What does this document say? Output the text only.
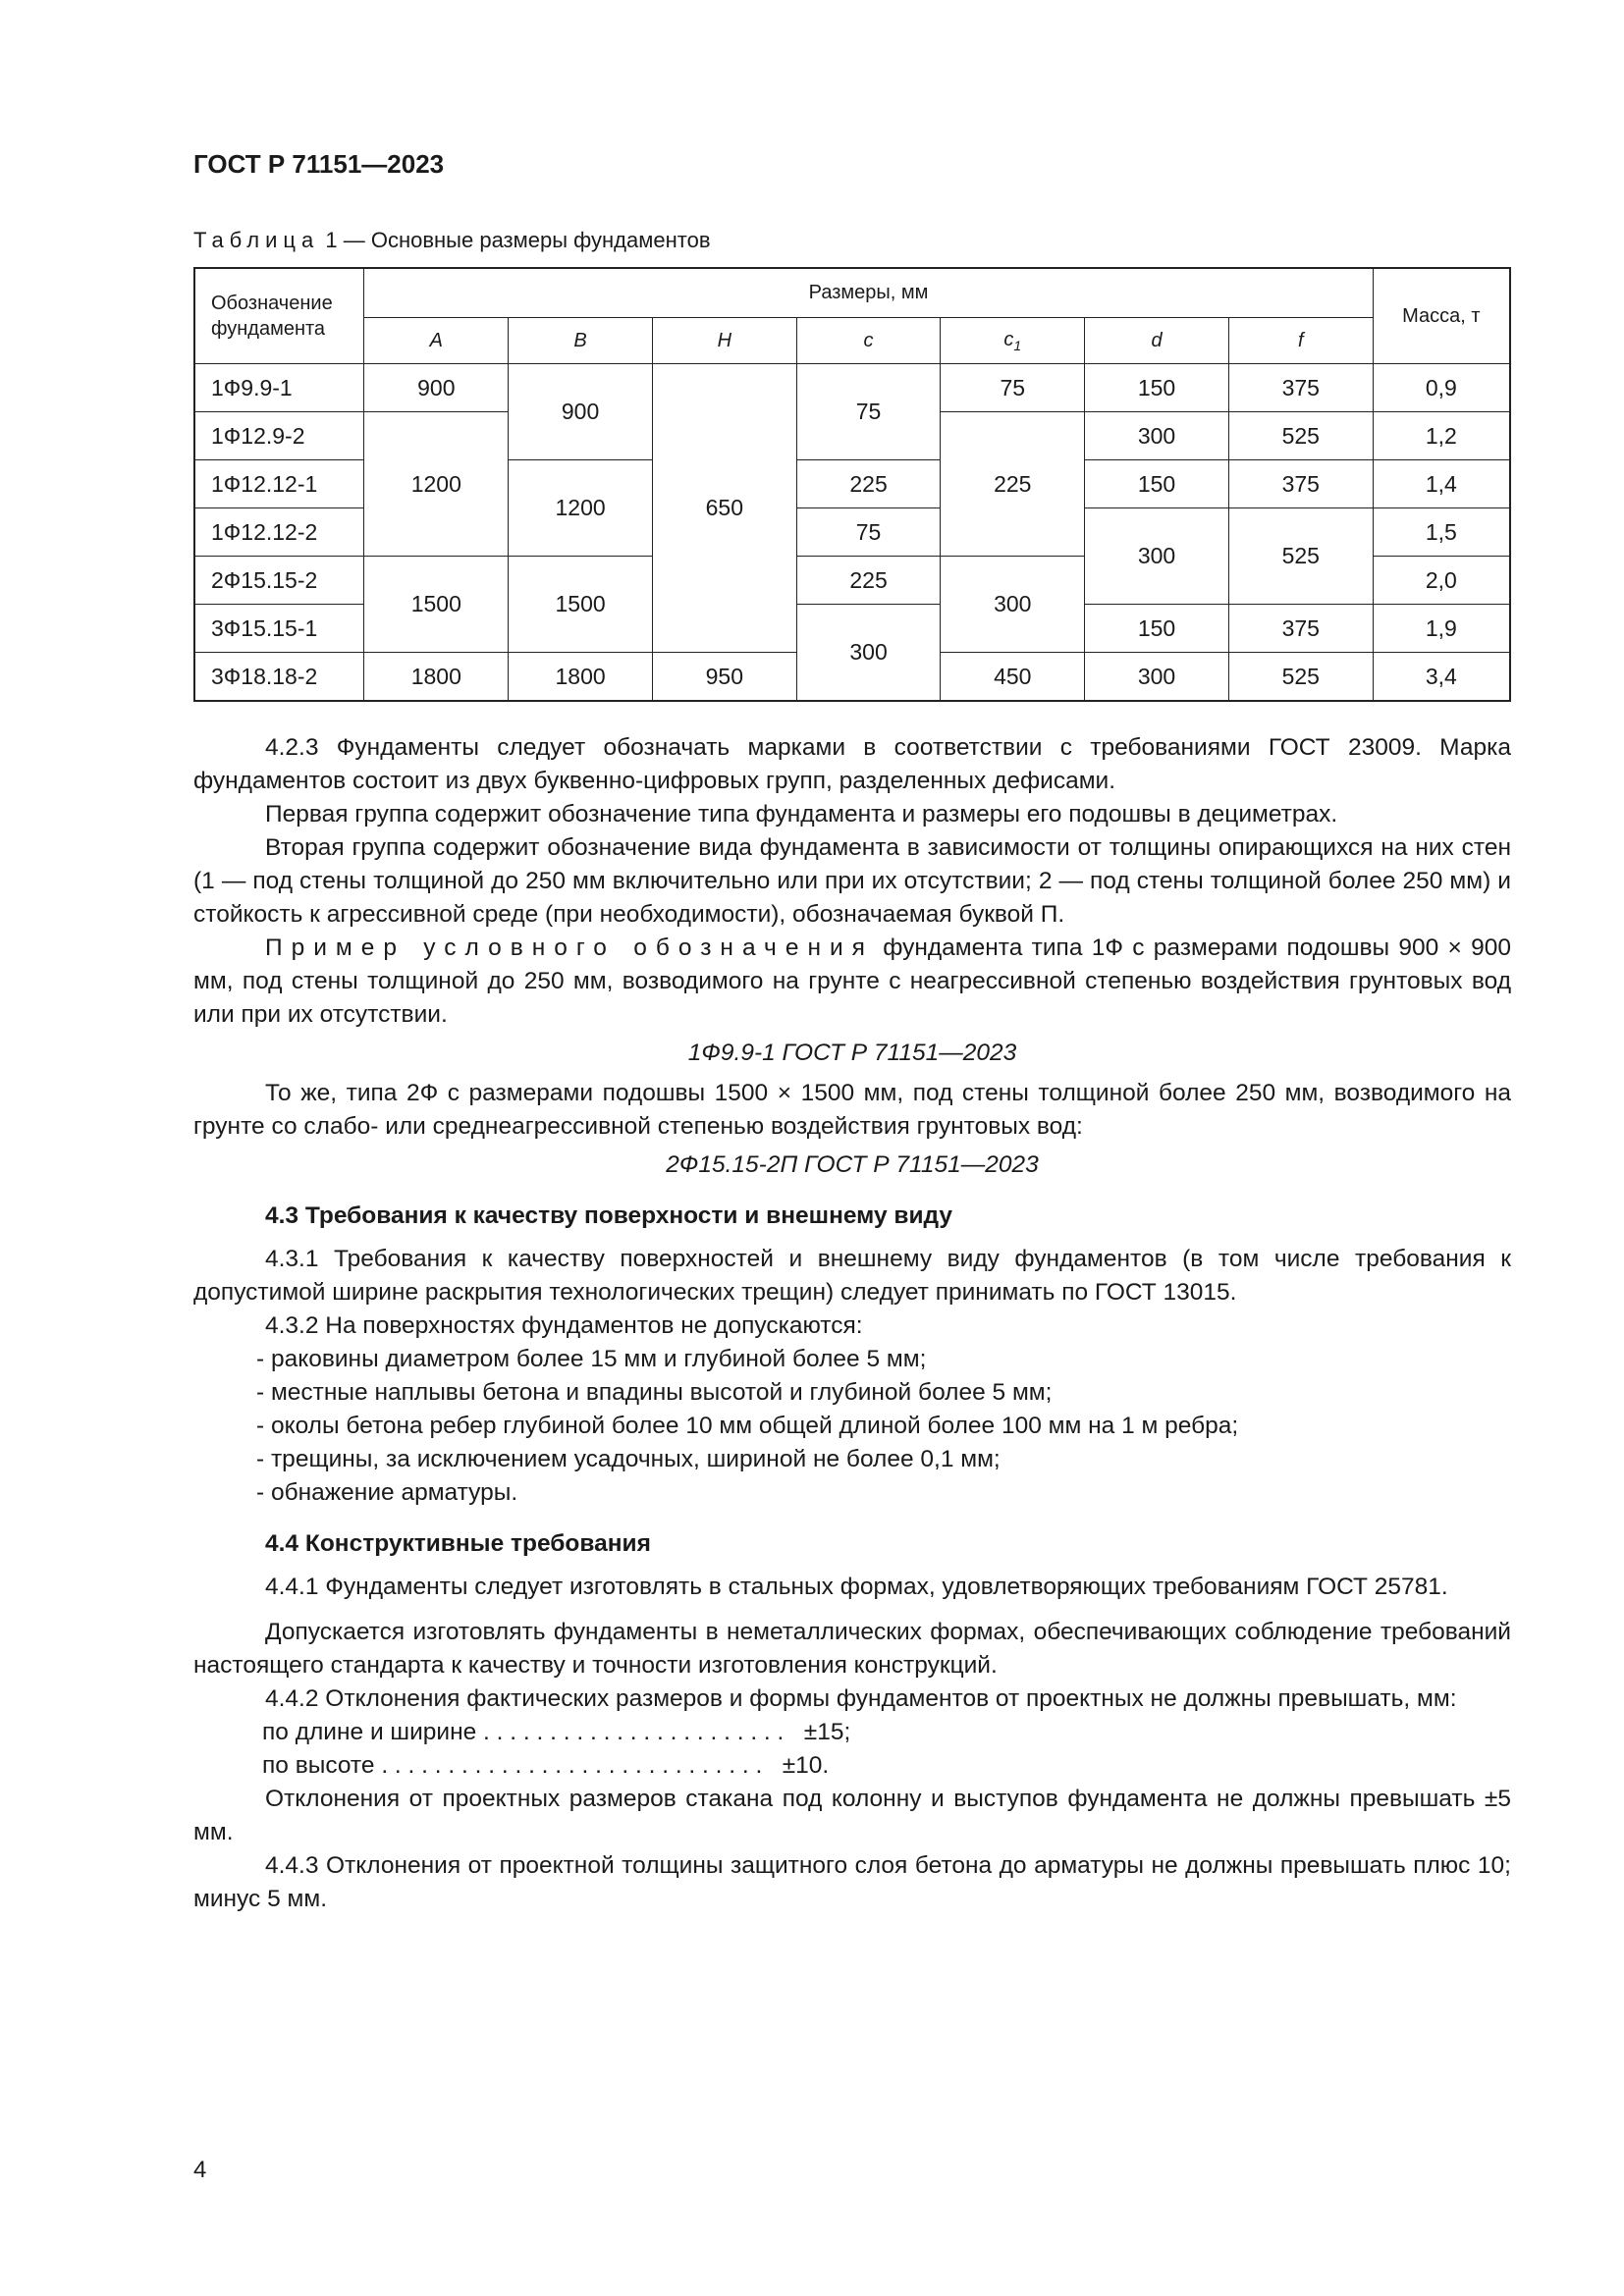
ГОСТ Р 71151—2023
Таблица 1 — Основные размеры фундаментов
Обозначение фундамента	Размеры, мм							Масса, т
	A	B	H	c	$c_1$	d	f	
1Ф9.9-1	900	900	650	75	75	150	375	0,9
1Ф12.9-2	1200				225	300	525	1,2
1Ф12.12-1		1200		225		150	375	1,4
1Ф12.12-2				75		300	525	1,5
2Ф15.15-2	1500	1500		225	300			2,0
3Ф15.15-1				300		150	375	1,9
3Ф18.18-2	1800	1800	950		450	300	525	3,4

4.2.3 Фундаменты следует обозначать марками в соответствии с требованиями ГОСТ 23009. Марка фундаментов состоит из двух буквенно-цифровых групп, разделенных дефисами.

Первая группа содержит обозначение типа фундамента и размеры его подошвы в дециметрах.

Вторая группа содержит обозначение вида фундамента в зависимости от толщины опирающихся на них стен (1 — под стены толщиной до 250 мм включительно или при их отсутствии; 2 — под стены толщиной более 250 мм) и стойкость к агрессивной среде (при необходимости), обозначаемая буквой П.

Пример условного обозначения фундамента типа 1Ф с размерами подошвы 900 × 900 мм, под стены толщиной до 250 мм, возводимого на грунте с неагрессивной степенью воздействия грунтовых вод или при их отсутствии.

1Ф9.9-1 ГОСТ Р 71151—2023

То же, типа 2Ф с размерами подошвы 1500 × 1500 мм, под стены толщиной более 250 мм, возводимого на грунте со слабо- или среднеагрессивной степенью воздействия грунтовых вод:

2Ф15.15-2П ГОСТ Р 71151—2023

4.3 Требования к качеству поверхности и внешнему виду

4.3.1 Требования к качеству поверхностей и внешнему виду фундаментов (в том числе требования к допустимой ширине раскрытия технологических трещин) следует принимать по ГОСТ 13015.

4.3.2 На поверхностях фундаментов не допускаются:

- раковины диаметром более 15 мм и глубиной более 5 мм;
- местные наплывы бетона и впадины высотой и глубиной более 5 мм;
- околы бетона ребер глубиной более 10 мм общей длиной более 100 мм на 1 м ребра;
- трещины, за исключением усадочных, шириной не более 0,1 мм;
- обнажение арматуры.
4.4 Конструктивные требования

4.4.1 Фундаменты следует изготовлять в стальных формах, удовлетворяющих требованиям ГОСТ 25781.

Допускается изготовлять фундаменты в неметаллических формах, обеспечивающих соблюдение требований настоящего стандарта к качеству и точности изготовления конструкций.

4.4.2 Отклонения фактических размеров и формы фундаментов от проектных не должны превышать, мм:

по длине и ширине . . . . . . . . . . . . . . . . . . . . . . .   ±15;
по высоте . . . . . . . . . . . . . . . . . . . . . . . . . . . . .   ±10.

Отклонения от проектных размеров стакана под колонну и выступов фундамента не должны превышать ±5 мм.

4.4.3 Отклонения от проектной толщины защитного слоя бетона до арматуры не должны превышать плюс 10; минус 5 мм.

4
